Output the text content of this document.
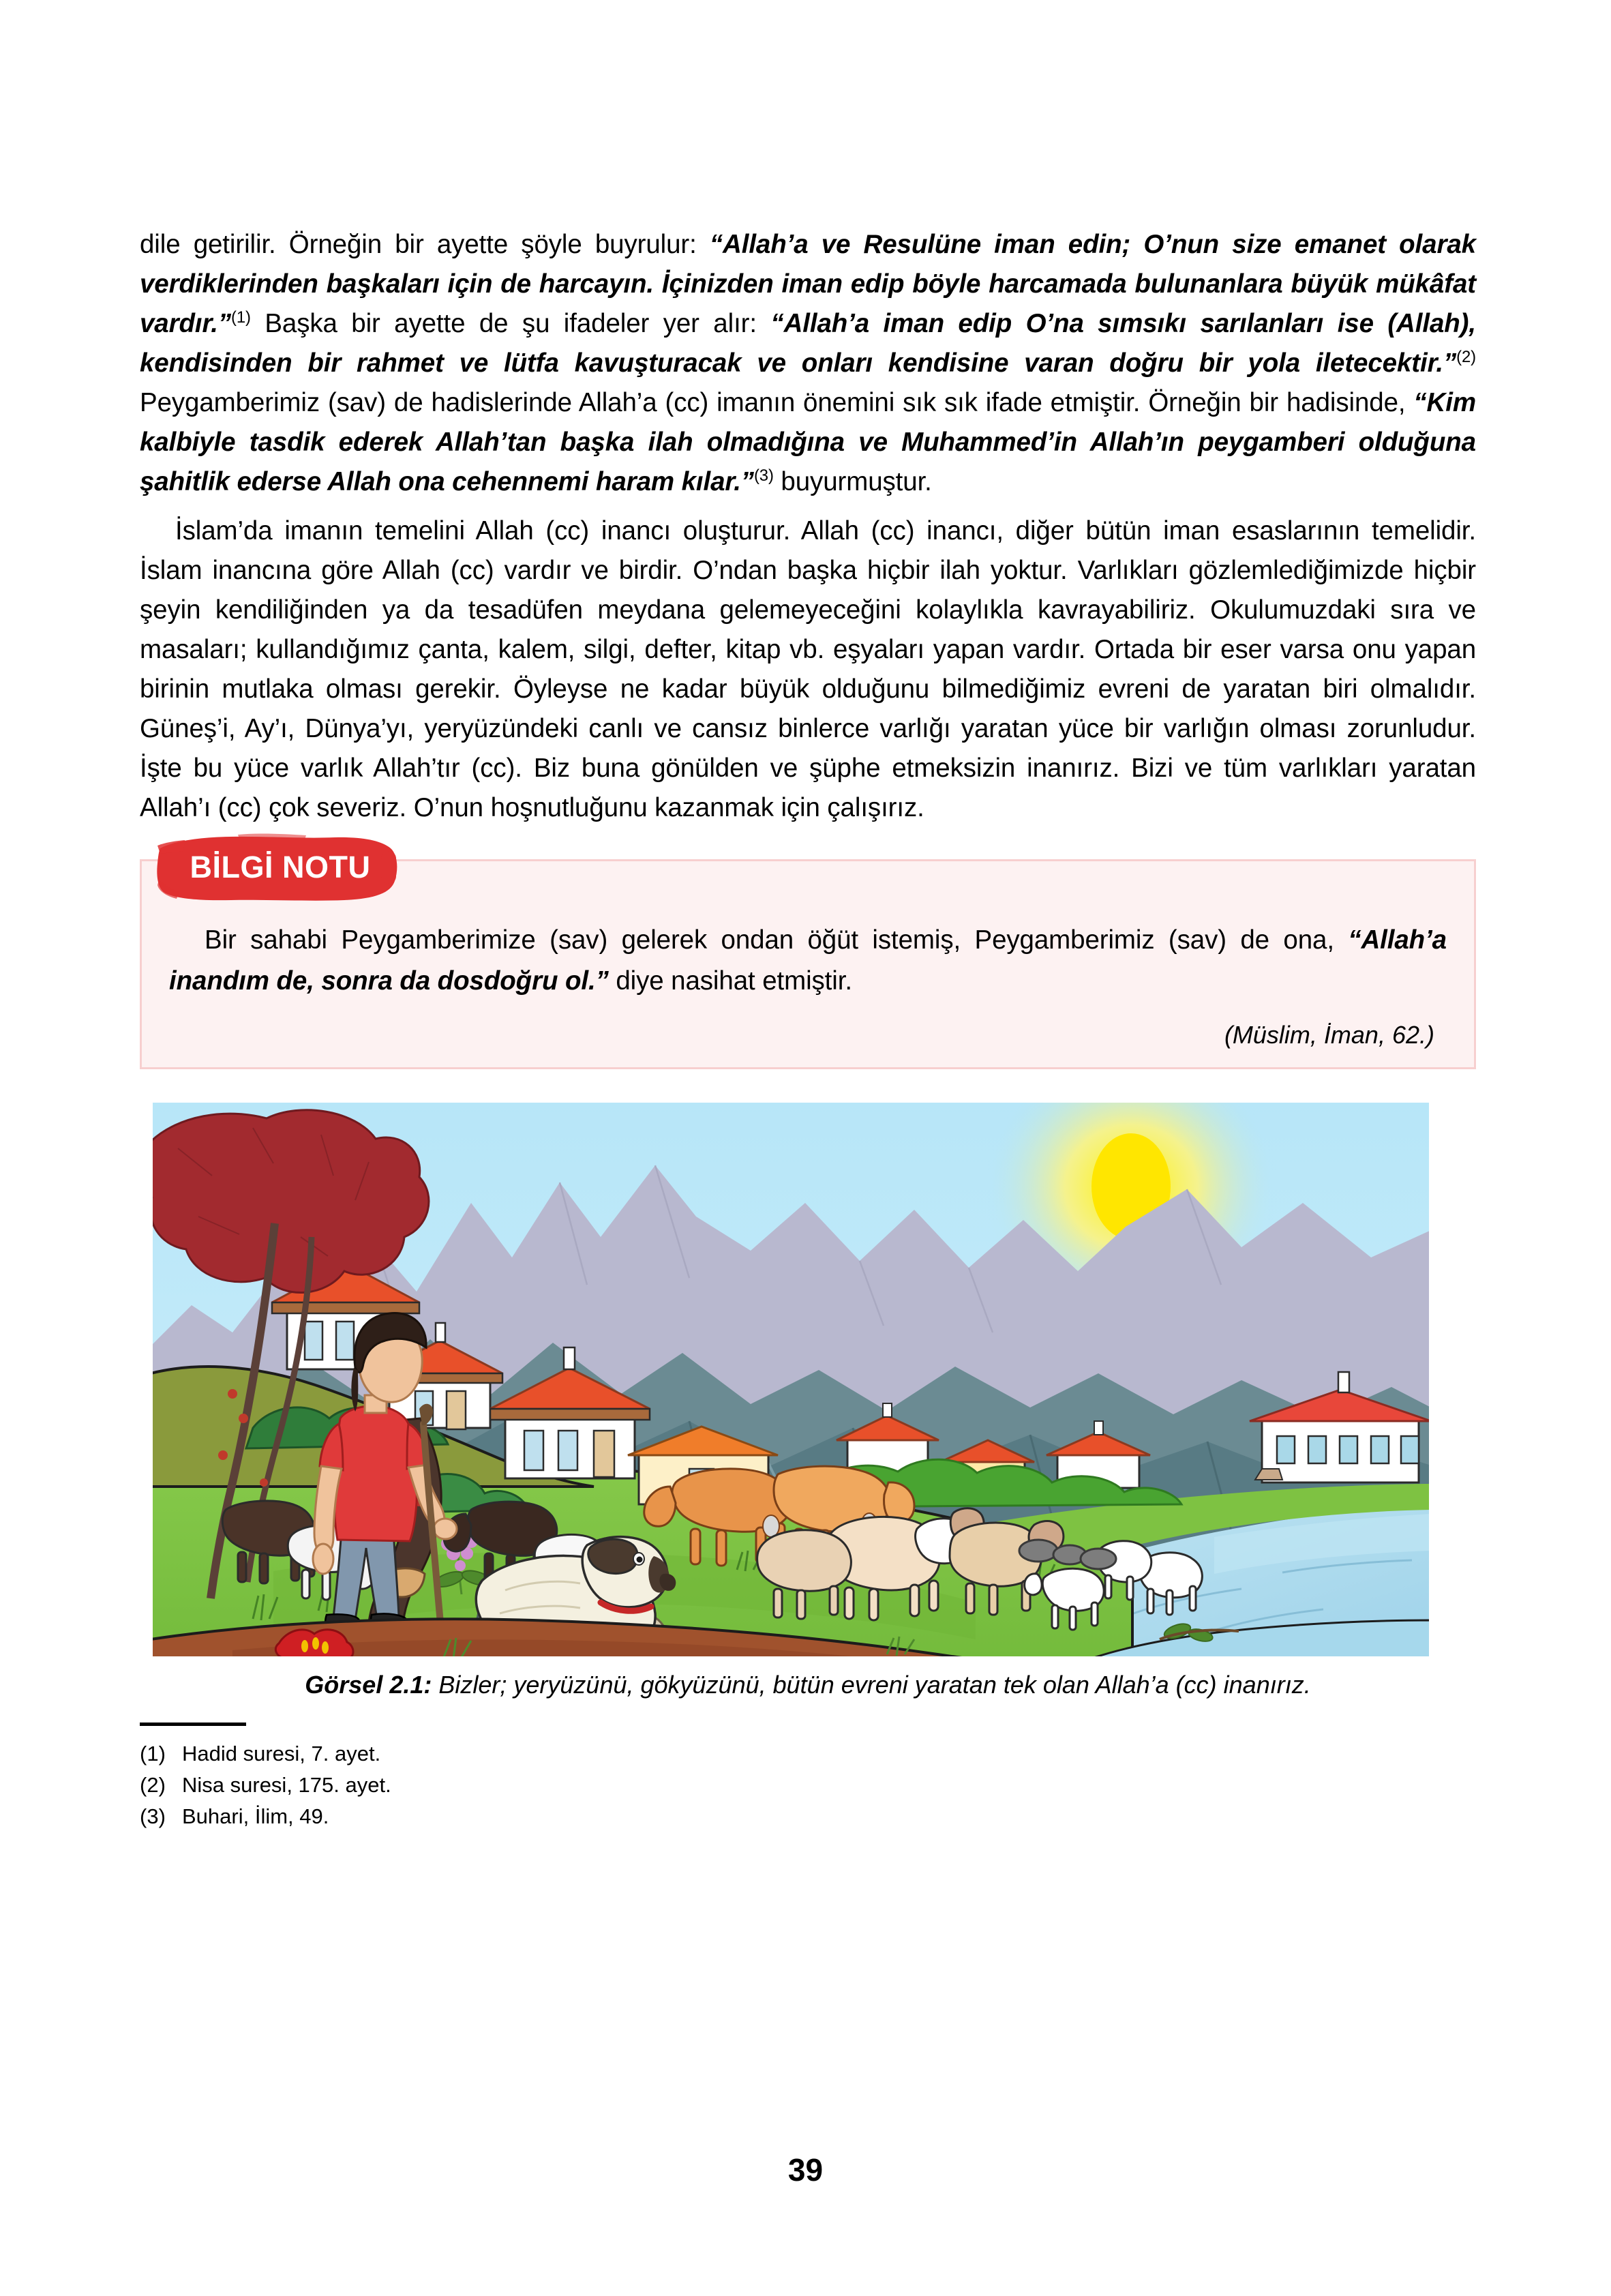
dile getirilir. Örneğin bir ayette şöyle buyrulur: “Allah’a ve Resulüne iman edin; O’nun size emanet olarak verdiklerinden başkaları için de harcayın. İçinizden iman edip böyle harcamada bulunanlara büyük mükâfat vardır.”$^{(1)}$ Başka bir ayette de şu ifadeler yer alır: “Allah’a iman edip O’na sımsıkı sarılanları ise (Allah), kendisinden bir rahmet ve lütfa kavuşturacak ve onları kendisine varan doğru bir yola iletecektir.”$^{(2)}$ Peygamberimiz (sav) de hadislerinde Allah’a (cc) imanın önemini sık sık ifade etmiştir. Örneğin bir hadisinde, “Kim kalbiyle tasdik ederek Allah’tan başka ilah olmadığına ve Muhammed’in Allah’ın peygamberi olduğuna şahitlik ederse Allah ona cehennemi haram kılar.”$^{(3)}$ buyurmuştur.

İslam’da imanın temelini Allah (cc) inancı oluşturur. Allah (cc) inancı, diğer bütün iman esaslarının temelidir. İslam inancına göre Allah (cc) vardır ve birdir. O’ndan başka hiçbir ilah yoktur. Varlıkları gözlemlediğimizde hiçbir şeyin kendiliğinden ya da tesadüfen meydana gelemeyeceğini kolaylıkla kavrayabiliriz. Okulumuzdaki sıra ve masaları; kullandığımız çanta, kalem, silgi, defter, kitap vb. eşyaları yapan vardır. Ortada bir eser varsa onu yapan birinin mutlaka olması gerekir. Öyleyse ne kadar büyük olduğunu bilmediğimiz evreni de yaratan biri olmalıdır. Güneş’i, Ay’ı, Dünya’yı, yeryüzündeki canlı ve cansız binlerce varlığı yaratan yüce bir varlığın olması zorunludur. İşte bu yüce varlık Allah’tır (cc). Biz buna gönülden ve şüphe etmeksizin inanırız. Bizi ve tüm varlıkları yaratan Allah’ı (cc) çok severiz. O’nun hoşnutluğunu kazanmak için çalışırız.

BİLGİ NOTU

Bir sahabi Peygamberimize (sav) gelerek ondan öğüt istemiş, Peygamberimiz (sav) de ona, “Allah’a inandım de, sonra da dosdoğru ol.” diye nasihat etmiştir.

(Müslim, İman, 62.)
Görsel 2.1: Bizler; yeryüzünü, gökyüzünü, bütün evreni yaratan tek olan Allah’a (cc) inanırız.
(1) Hadid suresi, 7. ayet.
(2) Nisa suresi, 175. ayet.
(3) Buhari, İlim, 49.
39
